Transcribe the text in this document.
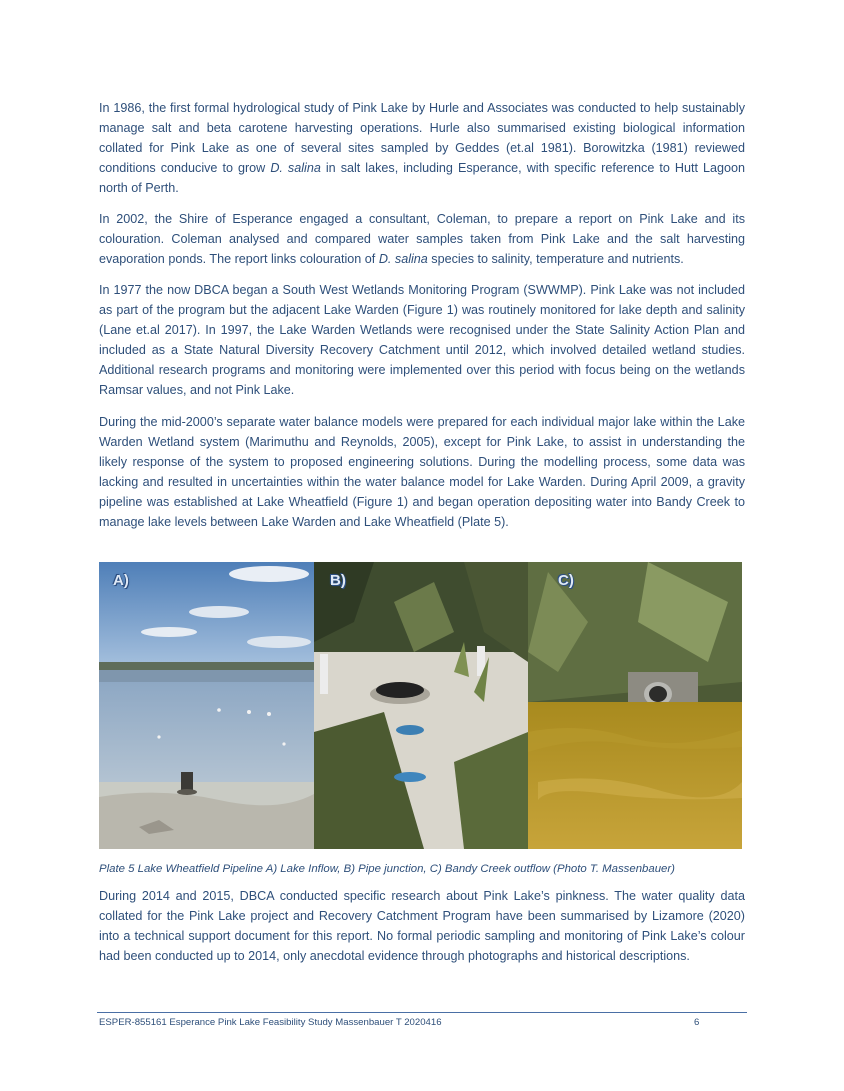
In 1986, the first formal hydrological study of Pink Lake by Hurle and Associates was conducted to help sustainably manage salt and beta carotene harvesting operations. Hurle also summarised existing biological information collated for Pink Lake as one of several sites sampled by Geddes (et.al 1981). Borowitzka (1981) reviewed conditions conducive to grow D. salina in salt lakes, including Esperance, with specific reference to Hutt Lagoon north of Perth.

In 2002, the Shire of Esperance engaged a consultant, Coleman, to prepare a report on Pink Lake and its colouration. Coleman analysed and compared water samples taken from Pink Lake and the salt harvesting evaporation ponds. The report links colouration of D. salina species to salinity, temperature and nutrients.

In 1977 the now DBCA began a South West Wetlands Monitoring Program (SWWMP). Pink Lake was not included as part of the program but the adjacent Lake Warden (Figure 1) was routinely monitored for lake depth and salinity (Lane et.al 2017). In 1997, the Lake Warden Wetlands were recognised under the State Salinity Action Plan and included as a State Natural Diversity Recovery Catchment until 2012, which involved detailed wetland studies. Additional research programs and monitoring were implemented over this period with focus being on the wetlands Ramsar values, and not Pink Lake.

During the mid-2000’s separate water balance models were prepared for each individual major lake within the Lake Warden Wetland system (Marimuthu and Reynolds, 2005), except for Pink Lake, to assist in understanding the likely response of the system to proposed engineering solutions. During the modelling process, some data was lacking and resulted in uncertainties within the water balance model for Lake Warden. During April 2009, a gravity pipeline was established at Lake Wheatfield (Figure 1) and began operation depositing water into Bandy Creek to manage lake levels between Lake Warden and Lake Wheatfield (Plate 5).

A)	B)	C)
Plate 5 Lake Wheatfield Pipeline A) Lake Inflow, B) Pipe junction, C) Bandy Creek outflow (Photo T. Massenbauer)

During 2014 and 2015, DBCA conducted specific research about Pink Lake’s pinkness. The water quality data collated for the Pink Lake project and Recovery Catchment Program have been summarised by Lizamore (2020) into a technical support document for this report. No formal periodic sampling and monitoring of Pink Lake’s colour had been conducted up to 2014, only anecdotal evidence through photographs and historical descriptions.

ESPER-855161 Esperance Pink Lake Feasibility Study Massenbauer T 2020416	6
